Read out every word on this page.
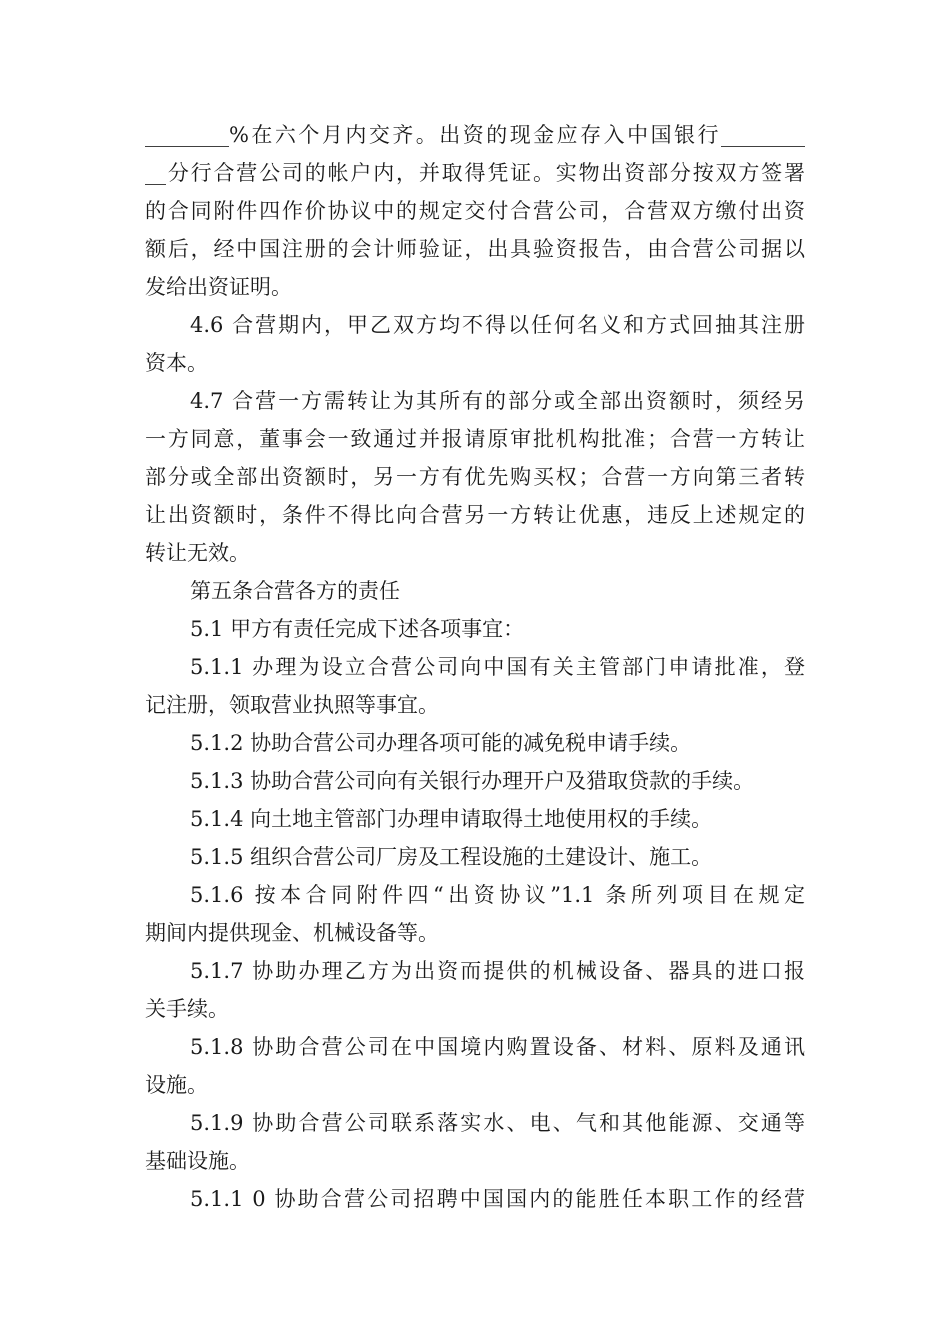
________%在六个月内交齐。出资的现金应存入中国银行________
__分行合营公司的帐户内，并取得凭证。实物出资部分按双方签署
的合同附件四作价协议中的规定交付合营公司，合营双方缴付出资
额后，经中国注册的会计师验证，出具验资报告，由合营公司据以
发给出资证明。
4.6 合营期内，甲乙双方均不得以任何名义和方式回抽其注册
资本。
4.7 合营一方需转让为其所有的部分或全部出资额时，须经另
一方同意，董事会一致通过并报请原审批机构批准；合营一方转让
部分或全部出资额时，另一方有优先购买权；合营一方向第三者转
让出资额时，条件不得比向合营另一方转让优惠，违反上述规定的
转让无效。
第五条合营各方的责任
5.1 甲方有责任完成下述各项事宜：
5.1.1 办理为设立合营公司向中国有关主管部门申请批准，登
记注册，领取营业执照等事宜。
5.1.2 协助合营公司办理各项可能的减免税申请手续。
5.1.3 协助合营公司向有关银行办理开户及猎取贷款的手续。
5.1.4 向土地主管部门办理申请取得土地使用权的手续。
5.1.5 组织合营公司厂房及工程设施的土建设计、施工。
5.1.6 按本合同附件四“出资协议”1.1 条所列项目在规定
期间内提供现金、机械设备等。
5.1.7 协助办理乙方为出资而提供的机械设备、器具的进口报
关手续。
5.1.8 协助合营公司在中国境内购置设备、材料、原料及通讯
设施。
5.1.9 协助合营公司联系落实水、电、气和其他能源、交通等
基础设施。
5.1.1 0 协助合营公司招聘中国国内的能胜任本职工作的经营
